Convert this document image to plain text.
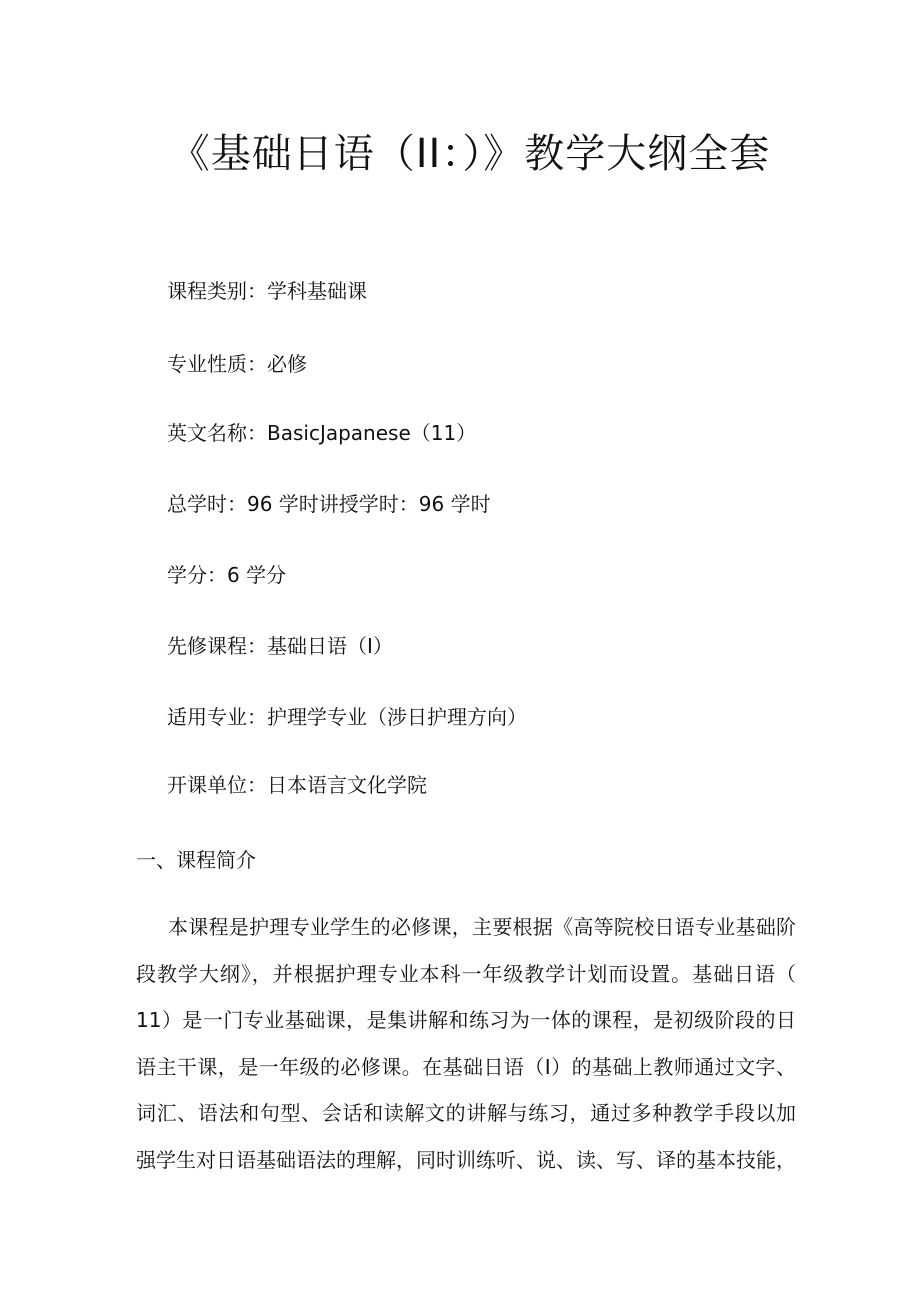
《基础日语（II：）》教学大纲全套
课程类别：学科基础课
专业性质：必修
英文名称：BasicJapanese（11）
总学时：96 学时讲授学时：96 学时
学分：6 学分
先修课程：基础日语（I）
适用专业：护理学专业（涉日护理方向）
开课单位：日本语言文化学院
一、课程简介
本课程是护理专业学生的必修课，主要根据《高等院校日语专业基础阶
段教学大纲》，并根据护理专业本科一年级教学计划而设置。基础日语（
11）是一门专业基础课，是集讲解和练习为一体的课程，是初级阶段的日
语主干课，是一年级的必修课。在基础日语（I）的基础上教师通过文字、
词汇、语法和句型、会话和读解文的讲解与练习，通过多种教学手段以加
强学生对日语基础语法的理解，同时训练听、说、读、写、译的基本技能，
